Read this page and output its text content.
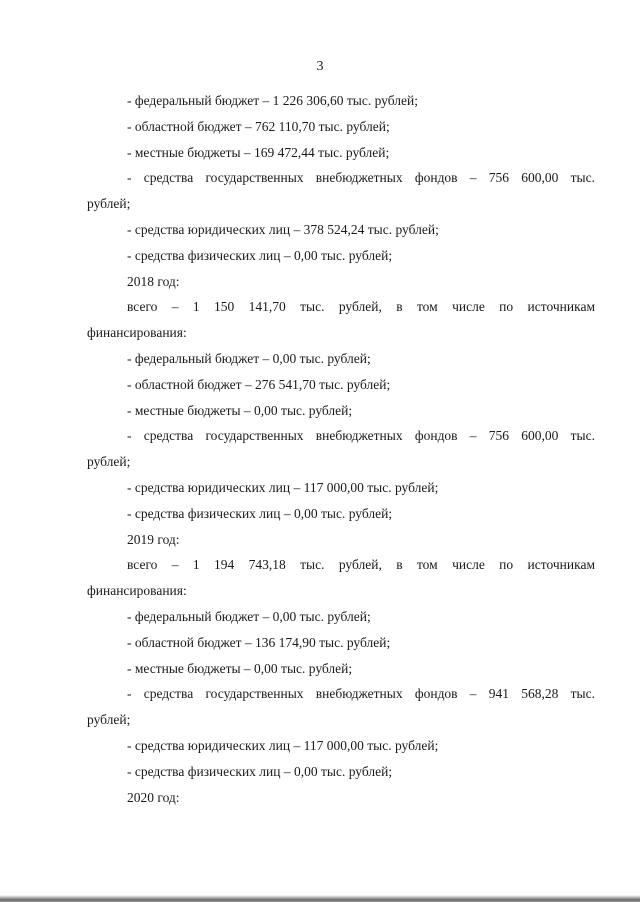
3
- федеральный бюджет – 1 226 306,60 тыс. рублей;
- областной бюджет – 762 110,70 тыс. рублей;
- местные бюджеты – 169 472,44 тыс. рублей;
- средства государственных внебюджетных фондов – 756 600,00 тыс.
рублей;
- средства юридических лиц – 378 524,24 тыс. рублей;
- средства физических лиц – 0,00 тыс. рублей;
2018 год:
всего – 1 150 141,70 тыс. рублей, в том числе по источникам
финансирования:
- федеральный бюджет – 0,00 тыс. рублей;
- областной бюджет – 276 541,70 тыс. рублей;
- местные бюджеты – 0,00 тыс. рублей;
- средства государственных внебюджетных фондов – 756 600,00 тыс.
рублей;
- средства юридических лиц – 117 000,00 тыс. рублей;
- средства физических лиц – 0,00 тыс. рублей;
2019 год:
всего – 1 194 743,18 тыс. рублей, в том числе по источникам
финансирования:
- федеральный бюджет – 0,00 тыс. рублей;
- областной бюджет – 136 174,90 тыс. рублей;
- местные бюджеты – 0,00 тыс. рублей;
- средства государственных внебюджетных фондов – 941 568,28 тыс.
рублей;
- средства юридических лиц – 117 000,00 тыс. рублей;
- средства физических лиц – 0,00 тыс. рублей;
2020 год:
